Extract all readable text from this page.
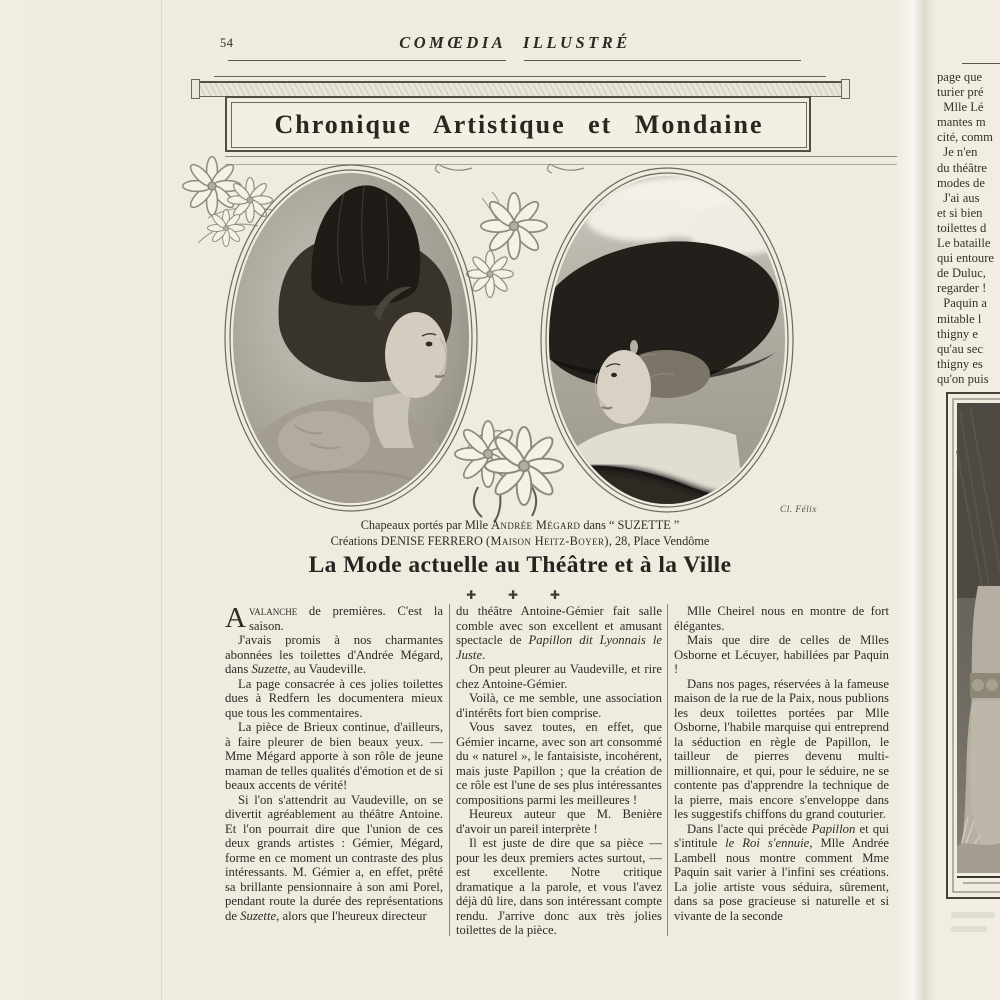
54	COMŒDIA ILLUSTRÉ
Chronique Artistique et Mondaine
Cl. Félix
Chapeaux portés par Mlle Andrée Mégard dans “ SUZETTE ”
Créations DENISE FERRERO (Maison Heitz-Boyer), 28, Place Vendôme
La Mode actuelle au Théâtre et à la Ville
✚ ✚ ✚

Avalanche de premières. C'est la saison.

J'avais promis à nos charmantes abonnées les toilettes d'Andrée Mégard, dans Suzette, au Vaudeville.

La page consacrée à ces jolies toilettes dues à Redfern les documentera mieux que tous les commentaires.

La pièce de Brieux continue, d'ailleurs, à faire pleurer de bien beaux yeux. — Mme Mégard apporte à son rôle de jeune maman de telles qualités d'émotion et de si beaux accents de vérité!

Si l'on s'attendrit au Vaudeville, on se divertit agréablement au théâtre Antoine. Et l'on pourrait dire que l'union de ces deux grands artistes : Gémier, Mégard, forme en ce moment un contraste des plus intéressants. M. Gémier a, en effet, prêté sa brillante pensionnaire à son ami Porel, pendant route la durée des représentations de Suzette, alors que l'heureux directeur

du théâtre Antoine-Gémier fait salle comble avec son excellent et amusant spectacle de Papillon dit Lyonnais le Juste.

On peut pleurer au Vaudeville, et rire chez Antoine-Gémier.

Voilà, ce me semble, une association d'intérêts fort bien comprise.

Vous savez toutes, en effet, que Gémier incarne, avec son art consommé du « naturel », le fantaisiste, incohérent, mais juste Papillon ; que la création de ce rôle est l'une de ses plus intéressantes compositions parmi les meilleures !

Heureux auteur que M. Benière d'avoir un pareil interprète !

Il est juste de dire que sa pièce — pour les deux premiers actes surtout, — est excellente. Notre critique dramatique a la parole, et vous l'avez déjà dû lire, dans son intéressant compte rendu. J'arrive donc aux très jolies toilettes de la pièce.

Mlle Cheirel nous en montre de fort élégantes.

Mais que dire de celles de Mlles Osborne et Lécuyer, habillées par Paquin !

Dans nos pages, réservées à la fameuse maison de la rue de la Paix, nous publions les deux toilettes portées par Mlle Osborne, l'habile marquise qui entreprend la séduction en règle de Papillon, le tailleur de pierres devenu multi-millionnaire, et qui, pour le séduire, ne se contente pas d'apprendre la technique de la pierre, mais encore s'enveloppe dans les suggestifs chiffons du grand couturier.

Dans l'acte qui précède Papillon et qui s'intitule le Roi s'ennuie, Mlle Andrée Lambell nous montre comment Mme Paquin sait varier à l'infini ses créations. La jolie artiste vous séduira, sûrement, dans sa pose gracieuse si naturelle et si vivante de la seconde

page que
turier pré
Mlle Lé
mantes m
cité, comm
Je n'en
du théâtre
modes de
J'ai aus
et si bien
toilettes d
Le bataille
qui entoure
de Duluc,
regarder !
Paquin a
mitable l
thigny e
qu'au sec
thigny es
qu'on puis
